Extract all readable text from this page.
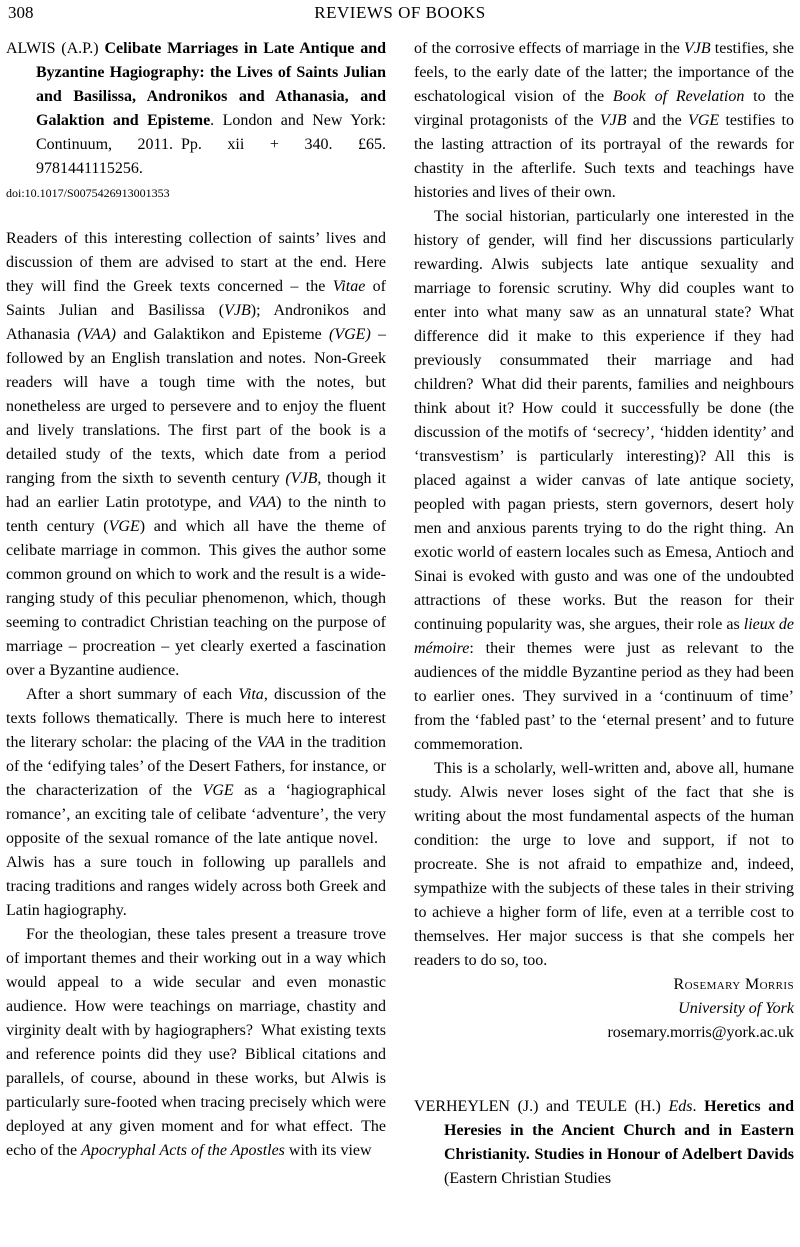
308	REVIEWS OF BOOKS

ALWIS (A.P.) Celibate Marriages in Late Antique and Byzantine Hagiography: the Lives of Saints Julian and Basilissa, Andronikos and Athanasia, and Galaktion and Episteme. London and New York: Continuum, 2011. Pp. xii + 340. £65. 9781441115256.

doi:10.1017/S0075426913001353

Readers of this interesting collection of saints’ lives and discussion of them are advised to start at the end. Here they will find the Greek texts concerned – the Vitae of Saints Julian and Basilissa (VJB); Andronikos and Athanasia (VAA) and Galaktikon and Episteme (VGE) – followed by an English translation and notes. Non-Greek readers will have a tough time with the notes, but nonetheless are urged to persevere and to enjoy the fluent and lively translations. The first part of the book is a detailed study of the texts, which date from a period ranging from the sixth to seventh century (VJB, though it had an earlier Latin prototype, and VAA) to the ninth to tenth century (VGE) and which all have the theme of celibate marriage in common. This gives the author some common ground on which to work and the result is a wide-ranging study of this peculiar phenomenon, which, though seeming to contradict Christian teaching on the purpose of marriage – procreation – yet clearly exerted a fascination over a Byzantine audience.

After a short summary of each Vita, discussion of the texts follows thematically. There is much here to interest the literary scholar: the placing of the VAA in the tradition of the ‘edifying tales’ of the Desert Fathers, for instance, or the characterization of the VGE as a ‘hagiographical romance’, an exciting tale of celibate ‘adventure’, the very opposite of the sexual romance of the late antique novel. Alwis has a sure touch in following up parallels and tracing traditions and ranges widely across both Greek and Latin hagiography.

For the theologian, these tales present a treasure trove of important themes and their working out in a way which would appeal to a wide secular and even monastic audience. How were teachings on marriage, chastity and virginity dealt with by hagiographers? What existing texts and reference points did they use? Biblical citations and parallels, of course, abound in these works, but Alwis is particularly sure-footed when tracing precisely which were deployed at any given moment and for what effect. The echo of the Apocryphal Acts of the Apostles with its view

of the corrosive effects of marriage in the VJB testifies, she feels, to the early date of the latter; the importance of the eschatological vision of the Book of Revelation to the virginal protagonists of the VJB and the VGE testifies to the lasting attraction of its portrayal of the rewards for chastity in the afterlife. Such texts and teachings have histories and lives of their own.

The social historian, particularly one interested in the history of gender, will find her discussions particularly rewarding. Alwis subjects late antique sexuality and marriage to forensic scrutiny. Why did couples want to enter into what many saw as an unnatural state? What difference did it make to this experience if they had previously consummated their marriage and had children? What did their parents, families and neighbours think about it? How could it successfully be done (the discussion of the motifs of ‘secrecy’, ‘hidden identity’ and ‘transvestism’ is particularly interesting)? All this is placed against a wider canvas of late antique society, peopled with pagan priests, stern governors, desert holy men and anxious parents trying to do the right thing. An exotic world of eastern locales such as Emesa, Antioch and Sinai is evoked with gusto and was one of the undoubted attractions of these works. But the reason for their continuing popularity was, she argues, their role as lieux de mémoire: their themes were just as relevant to the audiences of the middle Byzantine period as they had been to earlier ones. They survived in a ‘continuum of time’ from the ‘fabled past’ to the ‘eternal present’ and to future commemoration.

This is a scholarly, well-written and, above all, humane study. Alwis never loses sight of the fact that she is writing about the most fundamental aspects of the human condition: the urge to love and support, if not to procreate. She is not afraid to empathize and, indeed, sympathize with the subjects of these tales in their striving to achieve a higher form of life, even at a terrible cost to themselves. Her major success is that she compels her readers to do so, too.

Rosemary Morris
University of York
rosemary.morris@york.ac.uk

VERHEYLEN (J.) and TEULE (H.) Eds. Heretics and Heresies in the Ancient Church and in Eastern Christianity. Studies in Honour of Adelbert Davids (Eastern Christian Studies
